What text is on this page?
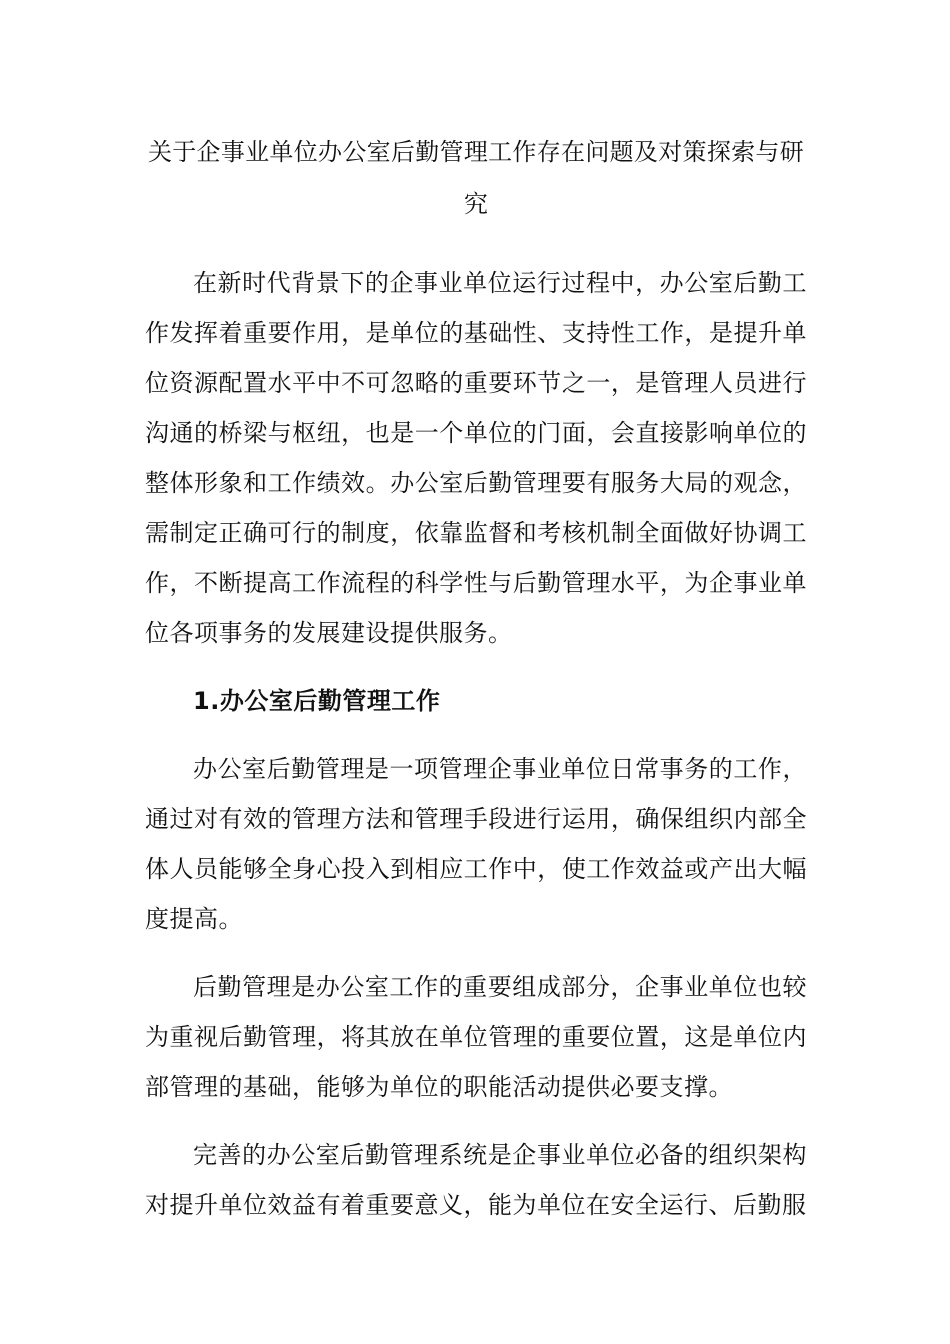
关于企事业单位办公室后勤管理工作存在问题及对策探索与研究

在新时代背景下的企事业单位运行过程中，办公室后勤工作发挥着重要作用，是单位的基础性、支持性工作，是提升单位资源配置水平中不可忽略的重要环节之一，是管理人员进行沟通的桥梁与枢纽，也是一个单位的门面，会直接影响单位的整体形象和工作绩效。办公室后勤管理要有服务大局的观念，需制定正确可行的制度，依靠监督和考核机制全面做好协调工作，不断提高工作流程的科学性与后勤管理水平，为企事业单位各项事务的发展建设提供服务。

1.办公室后勤管理工作

办公室后勤管理是一项管理企事业单位日常事务的工作，通过对有效的管理方法和管理手段进行运用，确保组织内部全体人员能够全身心投入到相应工作中，使工作效益或产出大幅度提高。

后勤管理是办公室工作的重要组成部分，企事业单位也较为重视后勤管理，将其放在单位管理的重要位置，这是单位内部管理的基础，能够为单位的职能活动提供必要支撑。

完善的办公室后勤管理系统是企事业单位必备的组织架构对提升单位效益有着重要意义，能为单位在安全运行、后勤服
